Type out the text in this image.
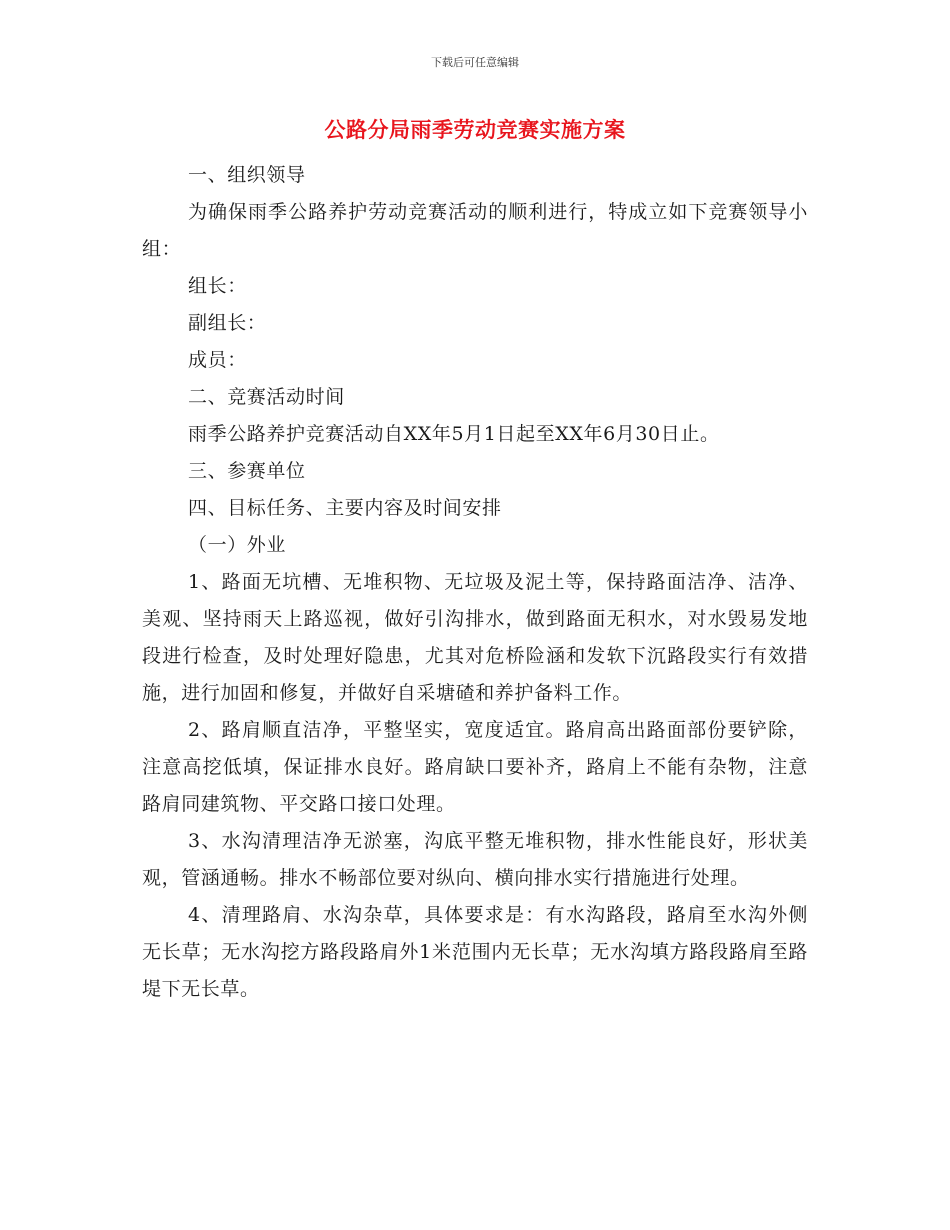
下载后可任意编辑
公路分局雨季劳动竞赛实施方案

一、组织领导

为确保雨季公路养护劳动竞赛活动的顺利进行，特成立如下竞赛领导小组：

组长：

副组长：

成员：

二、竞赛活动时间

雨季公路养护竞赛活动自XX年5月1日起至XX年6月30日止。

三、参赛单位

四、目标任务、主要内容及时间安排

（一）外业

1、路面无坑槽、无堆积物、无垃圾及泥土等，保持路面洁净、洁净、美观、坚持雨天上路巡视，做好引沟排水，做到路面无积水，对水毁易发地段进行检查，及时处理好隐患，尤其对危桥险涵和发软下沉路段实行有效措施，进行加固和修复，并做好自采塘碴和养护备料工作。

2、路肩顺直洁净，平整坚实，宽度适宜。路肩高出路面部份要铲除，注意高挖低填，保证排水良好。路肩缺口要补齐，路肩上不能有杂物，注意路肩同建筑物、平交路口接口处理。

3、水沟清理洁净无淤塞，沟底平整无堆积物，排水性能良好，形状美观，管涵通畅。排水不畅部位要对纵向、横向排水实行措施进行处理。

4、清理路肩、水沟杂草，具体要求是：有水沟路段，路肩至水沟外侧无长草；无水沟挖方路段路肩外1米范围内无长草；无水沟填方路段路肩至路堤下无长草。
